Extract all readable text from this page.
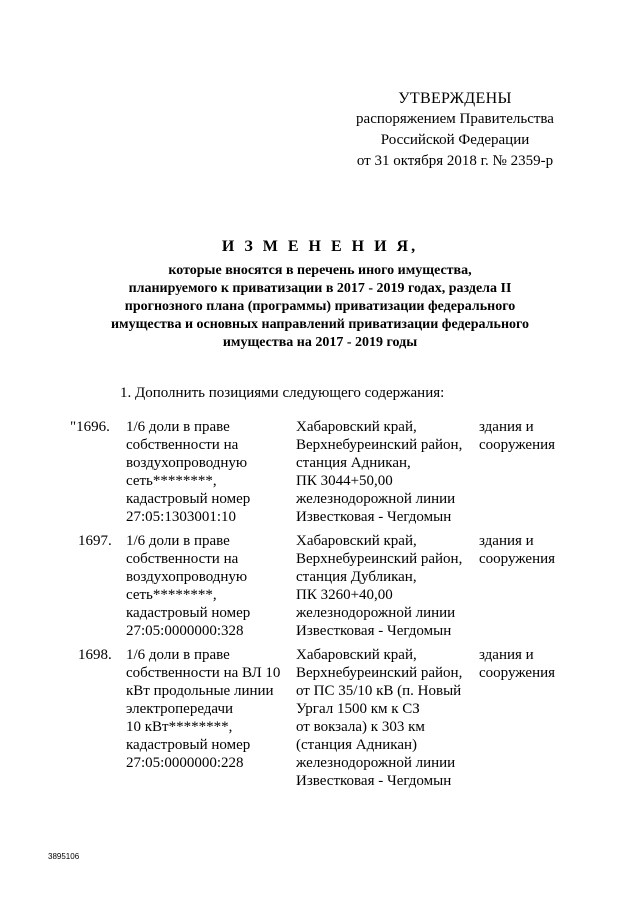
УТВЕРЖДЕНЫ
распоряжением Правительства
Российской Федерации
от 31 октября 2018 г. № 2359-р
И З М Е Н Е Н И Я,
которые вносятся в перечень иного имущества,
планируемого к приватизации в 2017 - 2019 годах, раздела II
прогнозного плана (программы) приватизации федерального
имущества и основных направлений приватизации федерального
имущества на 2017 - 2019 годы
1. Дополнить позициями следующего содержания:
"1696.	1/6 доли в праве
собственности на
воздухопроводную
сеть********,
кадастровый номер
27:05:1303001:10
Хабаровский край,
Верхнебуреинский район,
станция Адникан,
ПК 3044+50,00
железнодорожной линии
Известковая - Чегдомын
здания и
сооружения
1697. 1/6 доли в праве
собственности на
воздухопроводную
сеть********,
кадастровый номер
27:05:0000000:328
Хабаровский край,
Верхнебуреинский район,
станция Дубликан,
ПК 3260+40,00
железнодорожной линии
Известковая - Чегдомын
здания и
сооружения
1698. 1/6 доли в праве
собственности на ВЛ 10
кВт продольные линии
электропередачи
10 кВт********,
кадастровый номер
27:05:0000000:228
Хабаровский край,
Верхнебуреинский район,
от ПС 35/10 кВ (п. Новый
Ургал 1500 км к СЗ
от вокзала) к 303 км
(станция Адникан)
железнодорожной линии
Известковая - Чегдомын
здания и
сооружения
3895106
